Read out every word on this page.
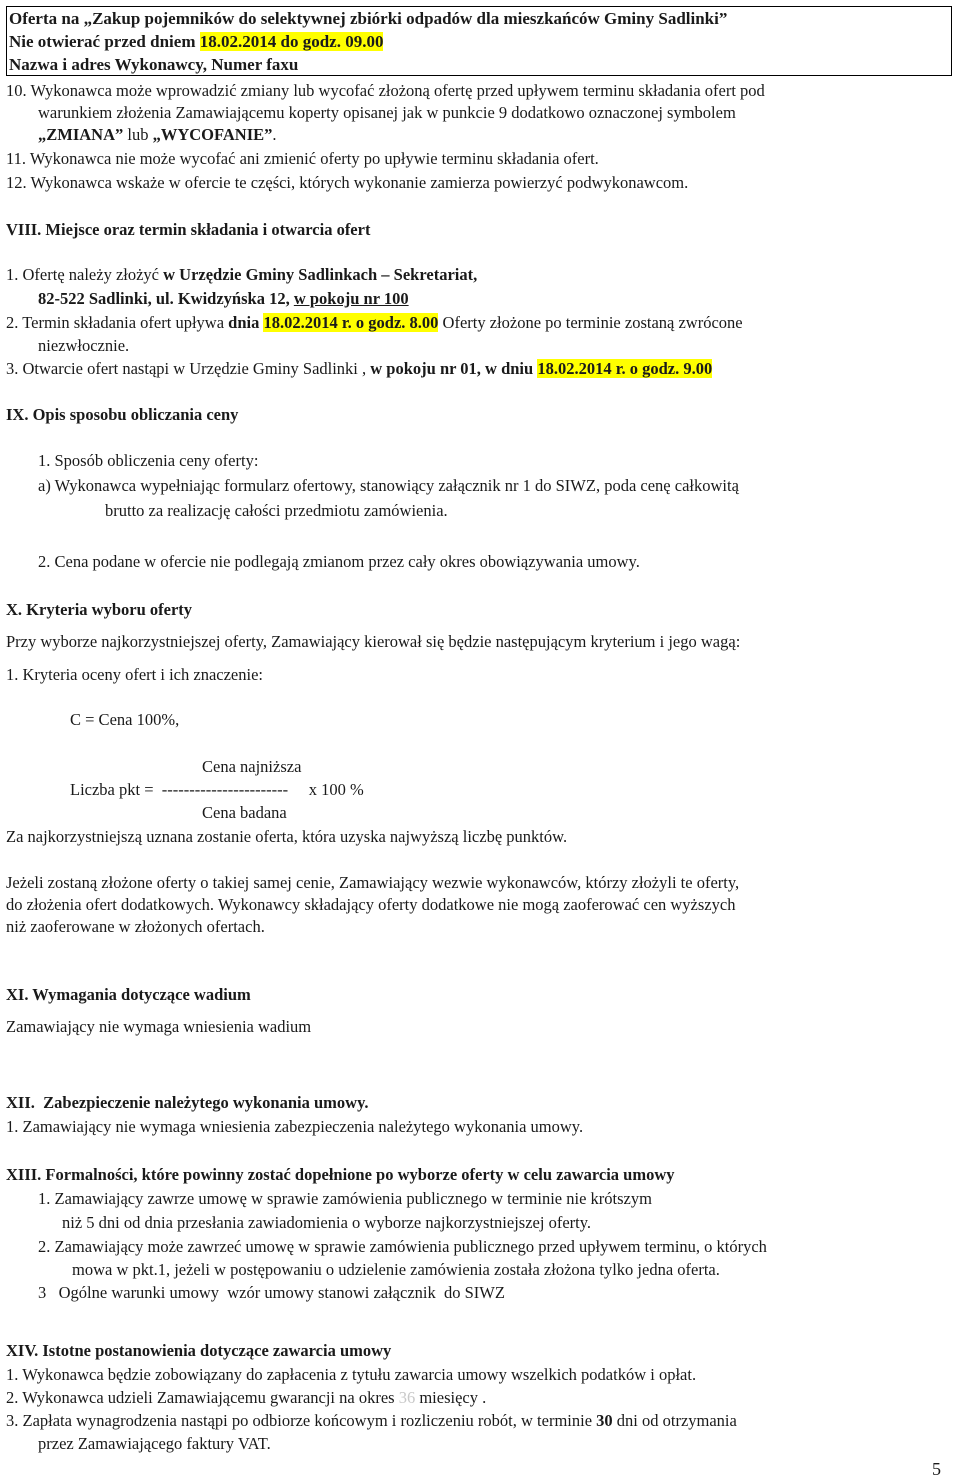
Oferta na „Zakup pojemników do selektywnej zbiórki odpadów dla mieszkańców Gminy Sadlinki”
Nie otwierać przed dniem 18.02.2014 do godz. 09.00
Nazwa i adres Wykonawcy, Numer faxu
10. Wykonawca może wprowadzić zmiany lub wycofać złożoną ofertę przed upływem terminu składania ofert pod
warunkiem złożenia Zamawiającemu koperty opisanej jak w punkcie 9 dodatkowo oznaczonej symbolem
„ZMIANA” lub „WYCOFANIE”.
11. Wykonawca nie może wycofać ani zmienić oferty po upływie terminu składania ofert.
12. Wykonawca wskaże w ofercie te części, których wykonanie zamierza powierzyć podwykonawcom.
VIII. Miejsce oraz termin składania i otwarcia ofert
1. Ofertę należy złożyć w Urzędzie Gminy Sadlinkach – Sekretariat,
82-522 Sadlinki, ul. Kwidzyńska 12, w pokoju nr 100
2. Termin składania ofert upływa dnia 18.02.2014 r. o godz. 8.00 Oferty złożone po terminie zostaną zwrócone
niezwłocznie.
3. Otwarcie ofert nastąpi w Urzędzie Gminy Sadlinki , w pokoju nr 01, w dniu 18.02.2014 r. o godz. 9.00
IX. Opis sposobu obliczania ceny
1. Sposób obliczenia ceny oferty:
a) Wykonawca wypełniając formularz ofertowy, stanowiący załącznik nr 1 do SIWZ, poda cenę całkowitą
brutto za realizację całości przedmiotu zamówienia.
2. Cena podane w ofercie nie podlegają zmianom przez cały okres obowiązywania umowy.
X. Kryteria wyboru oferty
Przy wyborze najkorzystniejszej oferty, Zamawiający kierował się będzie następującym kryterium i jego wagą:
1. Kryteria oceny ofert i ich znaczenie:
C = Cena 100%,
Cena najniższa
Liczba pkt =  -----------------------     x 100 %
Cena badana
Za najkorzystniejszą uznana zostanie oferta, która uzyska najwyższą liczbę punktów.
Jeżeli zostaną złożone oferty o takiej samej cenie, Zamawiający wezwie wykonawców, którzy złożyli te oferty,
do złożenia ofert dodatkowych. Wykonawcy składający oferty dodatkowe nie mogą zaoferować cen wyższych
niż zaoferowane w złożonych ofertach.
XI. Wymagania dotyczące wadium
Zamawiający nie wymaga wniesienia wadium
XII.  Zabezpieczenie należytego wykonania umowy.
1. Zamawiający nie wymaga wniesienia zabezpieczenia należytego wykonania umowy.
XIII. Formalności, które powinny zostać dopełnione po wyborze oferty w celu zawarcia umowy
1. Zamawiający zawrze umowę w sprawie zamówienia publicznego w terminie nie krótszym
niż 5 dni od dnia przesłania zawiadomienia o wyborze najkorzystniejszej oferty.
2. Zamawiający może zawrzeć umowę w sprawie zamówienia publicznego przed upływem terminu, o których
mowa w pkt.1, jeżeli w postępowaniu o udzielenie zamówienia została złożona tylko jedna oferta.
3   Ogólne warunki umowy  wzór umowy stanowi załącznik  do SIWZ
XIV. Istotne postanowienia dotyczące zawarcia umowy
1. Wykonawca będzie zobowiązany do zapłacenia z tytułu zawarcia umowy wszelkich podatków i opłat.
2. Wykonawca udzieli Zamawiającemu gwarancji na okres 36 miesięcy .
3. Zapłata wynagrodzenia nastąpi po odbiorze końcowym i rozliczeniu robót, w terminie 30 dni od otrzymania
przez Zamawiającego faktury VAT.
5
